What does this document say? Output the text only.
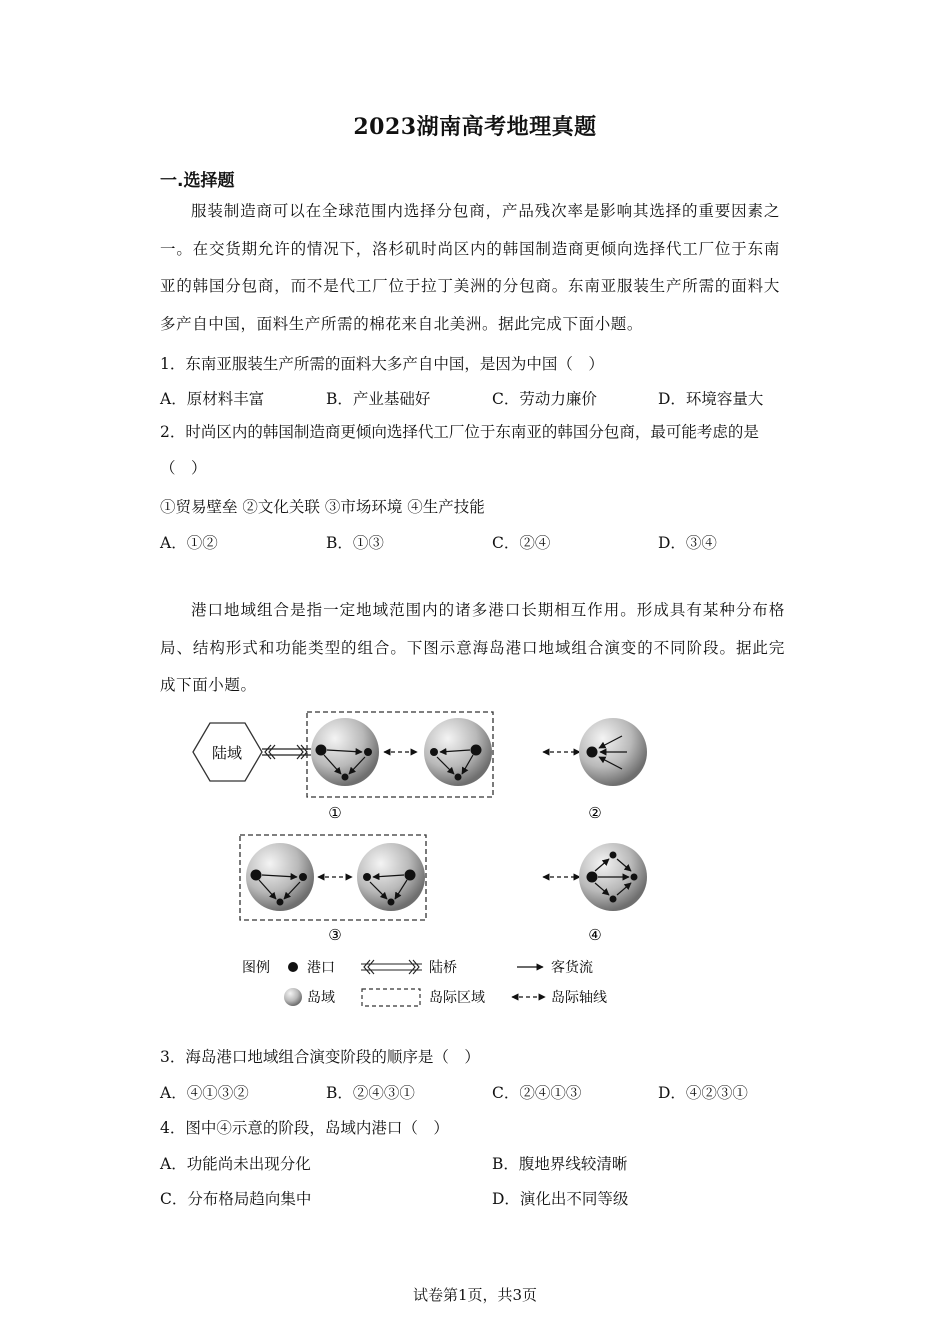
2023湖南高考地理真题
一.选择题
服装制造商可以在全球范围内选择分包商，产品残次率是影响其选择的重要因素之一。在交货期允许的情况下，洛杉矶时尚区内的韩国制造商更倾向选择代工厂位于东南亚的韩国分包商，而不是代工厂位于拉丁美洲的分包商。东南亚服装生产所需的面料大多产自中国，面料生产所需的棉花来自北美洲。据此完成下面小题。
1．东南亚服装生产所需的面料大多产自中国，是因为中国（　）
A．原材料丰富	B．产业基础好	C．劳动力廉价	D．环境容量大
2．时尚区内的韩国制造商更倾向选择代工厂位于东南亚的韩国分包商，最可能考虑的是（　）
①贸易壁垒 ②文化关联 ③市场环境 ④生产技能
A．①②	B．①③	C．②④	D．③④
港口地域组合是指一定地域范围内的诸多港口长期相互作用。形成具有某种分布格局、结构形式和功能类型的组合。下图示意海岛港口地域组合演变的不同阶段。据此完成下面小题。
陆域
①	②
③	④
图例	港口	陆桥	客货流
岛域	岛际区域	岛际轴线
3．海岛港口地域组合演变阶段的顺序是（　）
A．④①③②	B．②④③①	C．②④①③	D．④②③①
4．图中④示意的阶段，岛域内港口（　）
A．功能尚未出现分化	B．腹地界线较清晰
C．分布格局趋向集中	D．演化出不同等级
试卷第1页，共3页
